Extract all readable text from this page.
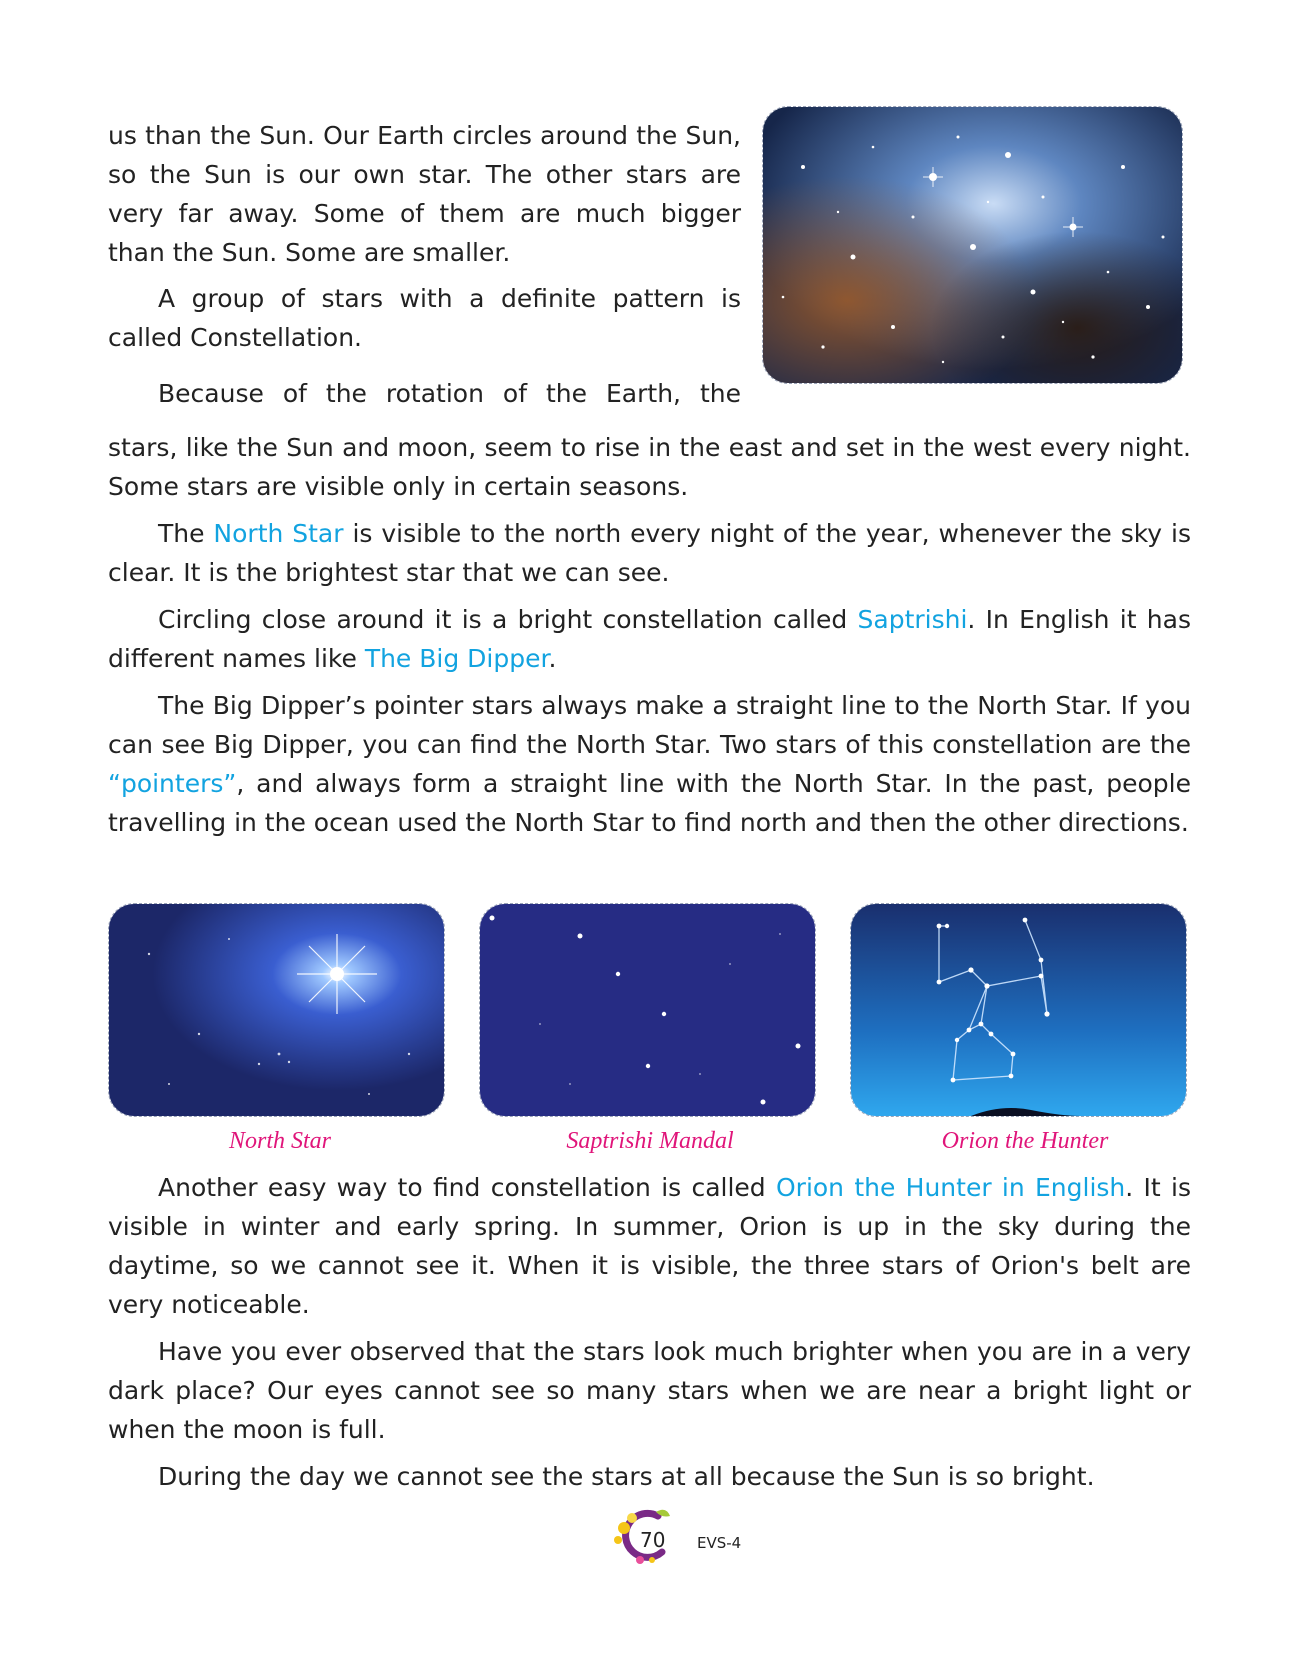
us than the Sun. Our Earth circles around the Sun, so the Sun is our own star. The other stars are very far away. Some of them are much bigger than the Sun. Some are smaller.

A group of stars with a definite pattern is called Constellation.

Because of the rotation of the Earth, the

stars, like the Sun and moon, seem to rise in the east and set in the west every night. Some stars are visible only in certain seasons.

The North Star is visible to the north every night of the year, whenever the sky is clear. It is the brightest star that we can see.

Circling close around it is a bright constellation called Saptrishi. In English it has different names like The Big Dipper.

The Big Dipper’s pointer stars always make a straight line to the North Star. If you can see Big Dipper, you can find the North Star. Two stars of this constellation are the “pointers”, and always form a straight line with the North Star. In the past, people travelling in the ocean used the North Star to find north and then the other directions.

North Star	Saptrishi Mandal	Orion the Hunter

Another easy way to find constellation is called Orion the Hunter in English. It is visible in winter and early spring. In summer, Orion is up in the sky during the daytime, so we cannot see it. When it is visible, the three stars of Orion's belt are very noticeable.

Have you ever observed that the stars look much brighter when you are in a very dark place? Our eyes cannot see so many stars when we are near a bright light or when the moon is full.

During the day we cannot see the stars at all because the Sun is so bright.

70 EVS-4
